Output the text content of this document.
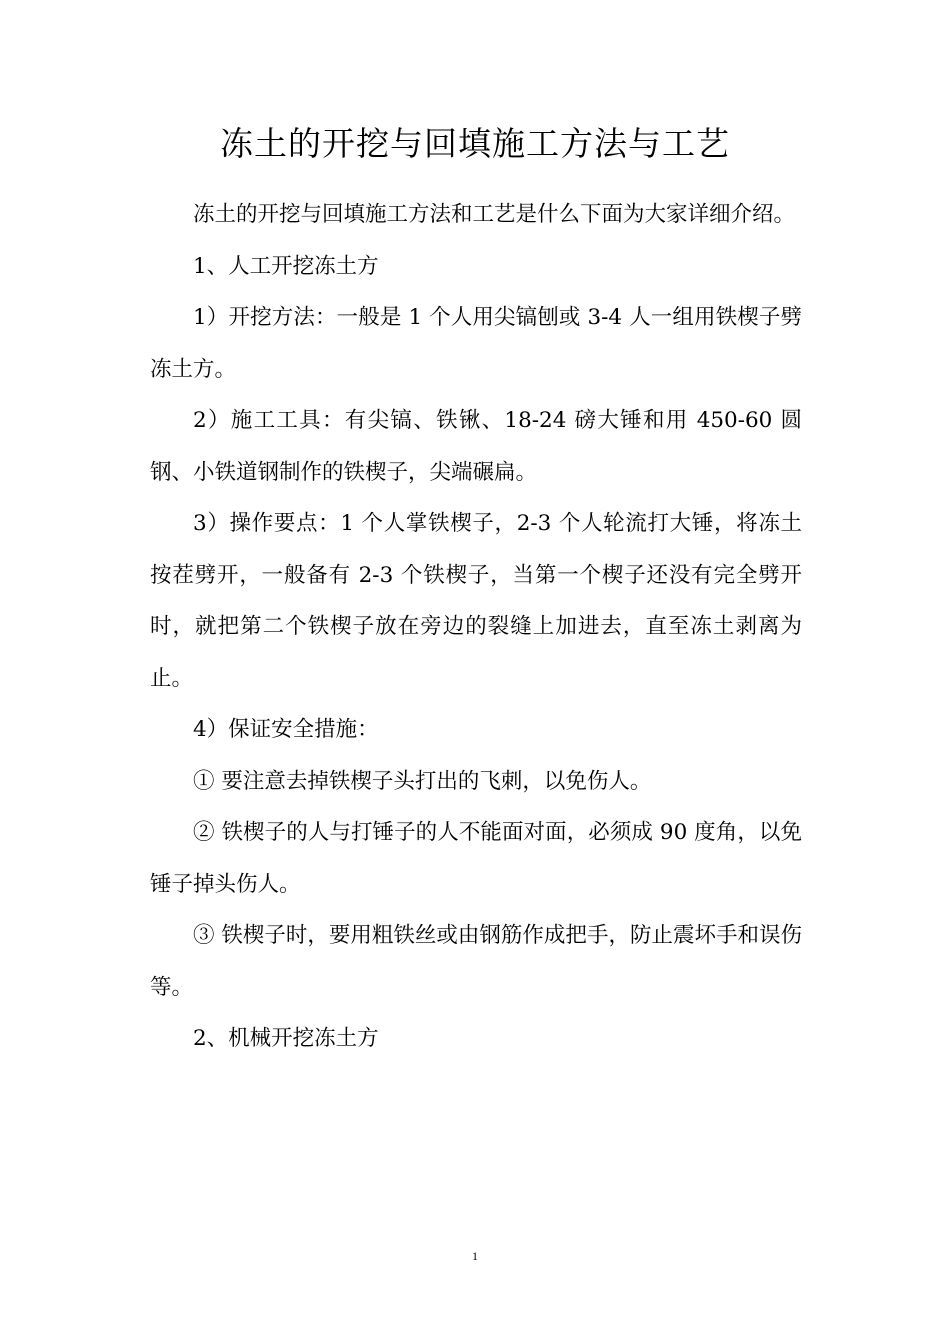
冻土的开挖与回填施工方法与工艺

冻土的开挖与回填施工方法和工艺是什么下面为大家详细介绍。

1、人工开挖冻土方

1）开挖方法：一般是 1 个人用尖镐刨或 3-4 人一组用铁楔子劈冻土方。

2）施工工具：有尖镐、铁锹、18-24 磅大锤和用 450-60 圆钢、小铁道钢制作的铁楔子，尖端碾扁。

3）操作要点：1 个人掌铁楔子，2-3 个人轮流打大锤，将冻土按茬劈开，一般备有 2-3 个铁楔子，当第一个楔子还没有完全劈开时，就把第二个铁楔子放在旁边的裂缝上加进去，直至冻土剥离为止。

4）保证安全措施：

① 要注意去掉铁楔子头打出的飞刺，以免伤人。

② 铁楔子的人与打锤子的人不能面对面，必须成 90 度角，以免锤子掉头伤人。

③ 铁楔子时，要用粗铁丝或由钢筋作成把手，防止震坏手和误伤等。

2、机械开挖冻土方

1
